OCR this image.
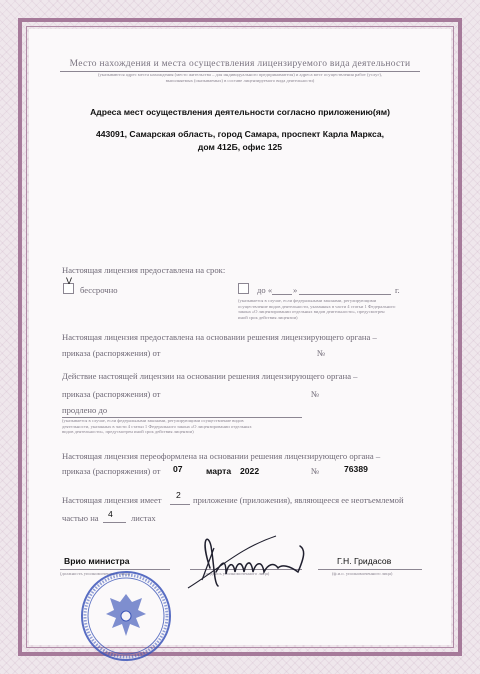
Место нахождения и места осуществления лицензируемого вида деятельности
(указываются адрес места нахождения (место жительства – для индивидуального предпринимателя) и адреса мест осуществления работ (услуг),
выполняемых (оказываемых) в составе лицензируемого вида деятельности)
Адреса мест осуществления деятельности согласно приложению(ям)
443091, Самарская область, город Самара, проспект Карла Маркса,
дом 412Б, офис 125
Настоящая лицензия предоставлена на срок:
V
бессрочно	до « »	г.
(указывается в случае, если федеральными законами, регулирующими
осуществление видов деятельности, указанных в части 4 статьи 1 Федерального
закона «О лицензировании отдельных видов деятельности», предусмотрен
иной срок действия лицензии)
Настоящая лицензия предоставлена на основании решения лицензирующего органа –
приказа (распоряжения) от	№
Действие настоящей лицензии на основании решения лицензирующего органа –
приказа (распоряжения) от	№
продлено до
(указывается в случае, если федеральными законами, регулирующими осуществление видов
деятельности, указанных в части 4 статьи 1 Федерального закона «О лицензировании отдельных
видов деятельности», предусмотрен иной срок действия лицензии)
Настоящая лицензия переоформлена на основании решения лицензирующего органа –
приказа (распоряжения) от 07	марта 2022	№	76389
Настоящая лицензия имеет 2 приложение (приложения), являющееся ее неотъемлемой
частью на 4 листах
Врио министра	Г.Н. Гридасов
(должность уполномоченного лица)	(подпись уполномоченного лица)	(ф.и.о. уполномоченного лица)
